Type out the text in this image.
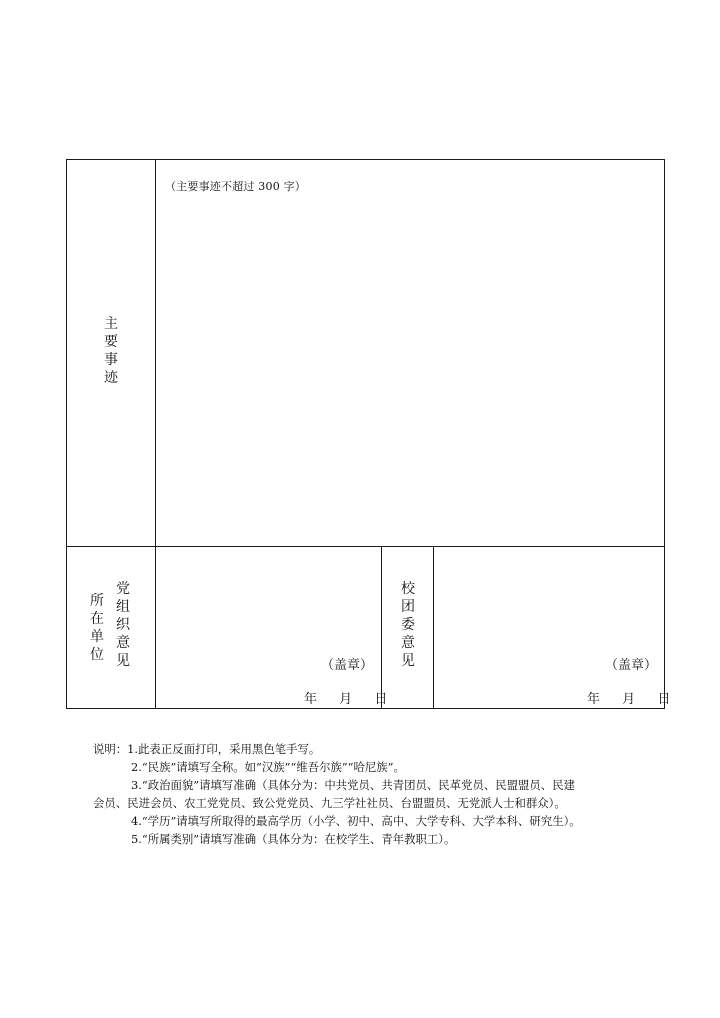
主
要
事
迹
（主要事迹不超过 300 字）
所
在
单
位
党
组
织
意
见	（盖章）
年 月 日
校
团
委
意
见	（盖章）
年 月 日
说明：1.此表正反面打印，采用黑色笔手写。
2.“民族”请填写全称。如“汉族”“维吾尔族”“哈尼族”。
3.“政治面貌”请填写准确（具体分为：中共党员、共青团员、民革党员、民盟盟员、民建
会员、民进会员、农工党党员、致公党党员、九三学社社员、台盟盟员、无党派人士和群众）。
4.“学历”请填写所取得的最高学历（小学、初中、高中、大学专科、大学本科、研究生）。
5.“所属类别”请填写准确（具体分为：在校学生、青年教职工）。
